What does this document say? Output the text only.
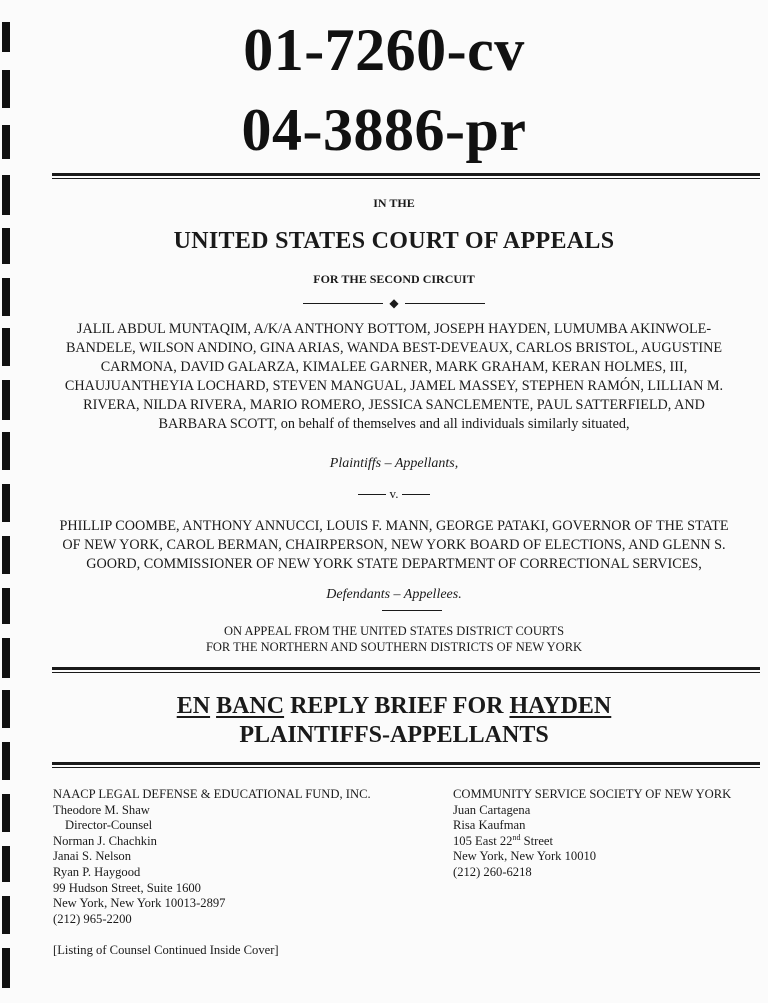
01-7260-cv
04-3886-pr
IN THE
UNITED STATES COURT OF APPEALS
FOR THE SECOND CIRCUIT
◆
JALIL ABDUL MUNTAQIM, A/K/A ANTHONY BOTTOM, JOSEPH HAYDEN, LUMUMBA AKINWOLE-
BANDELE, WILSON ANDINO, GINA ARIAS, WANDA BEST-DEVEAUX, CARLOS BRISTOL, AUGUSTINE
CARMONA, DAVID GALARZA, KIMALEE GARNER, MARK GRAHAM, KERAN HOLMES, III,
CHAUJUANTHEYIA LOCHARD, STEVEN MANGUAL, JAMEL MASSEY, STEPHEN RAMÓN, LILLIAN M.
RIVERA, NILDA RIVERA, MARIO ROMERO, JESSICA SANCLEMENTE, PAUL SATTERFIELD, AND
BARBARA SCOTT, on behalf of themselves and all individuals similarly situated,
Plaintiffs – Appellants,
v.
PHILLIP COOMBE, ANTHONY ANNUCCI, LOUIS F. MANN, GEORGE PATAKI, GOVERNOR OF THE STATE
OF NEW YORK, CAROL BERMAN, CHAIRPERSON, NEW YORK BOARD OF ELECTIONS, AND GLENN S.
GOORD, COMMISSIONER OF NEW YORK STATE DEPARTMENT OF CORRECTIONAL SERVICES,
Defendants – Appellees.
ON APPEAL FROM THE UNITED STATES DISTRICT COURTS
FOR THE NORTHERN AND SOUTHERN DISTRICTS OF NEW YORK
EN BANC REPLY BRIEF FOR HAYDEN
PLAINTIFFS-APPELLANTS
NAACP LEGAL DEFENSE & EDUCATIONAL FUND, INC.
Theodore M. Shaw
Director-Counsel
Norman J. Chachkin
Janai S. Nelson
Ryan P. Haygood
99 Hudson Street, Suite 1600
New York, New York 10013-2897
(212) 965-2200
COMMUNITY SERVICE SOCIETY OF NEW YORK
Juan Cartagena
Risa Kaufman
105 East 22nd Street
New York, New York 10010
(212) 260-6218
[Listing of Counsel Continued Inside Cover]
